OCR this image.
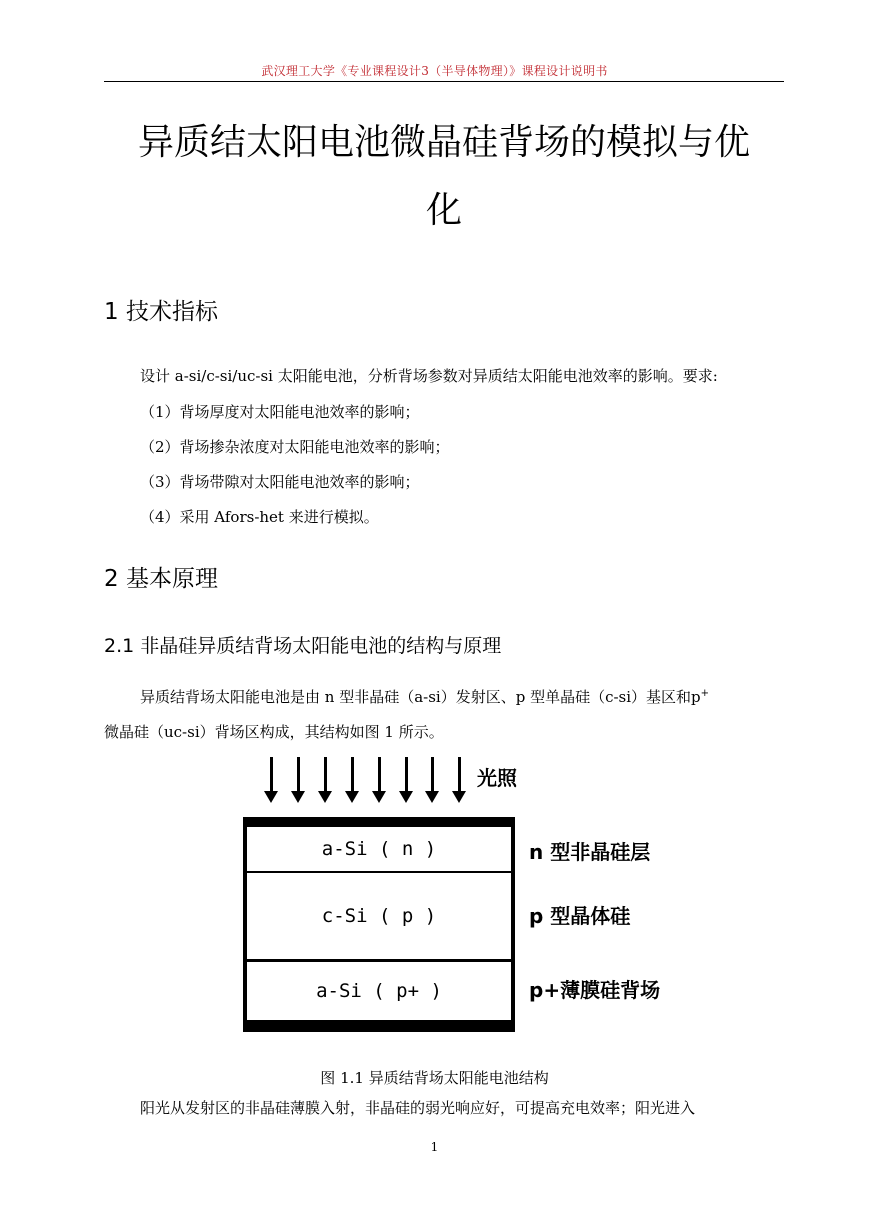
武汉理工大学《专业课程设计3（半导体物理）》课程设计说明书
异质结太阳电池微晶硅背场的模拟与优
化
1 技术指标
设计 a-si/c-si/uc-si 太阳能电池，分析背场参数对异质结太阳能电池效率的影响。要求:
（1）背场厚度对太阳能电池效率的影响；
（2）背场掺杂浓度对太阳能电池效率的影响；
（3）背场带隙对太阳能电池效率的影响；
（4）采用 Afors-het 来进行模拟。
2 基本原理
2.1 非晶硅异质结背场太阳能电池的结构与原理
异质结背场太阳能电池是由 n 型非晶硅（a-si）发射区、p 型单晶硅（c-si）基区和p+
微晶硅（uc-si）背场区构成，其结构如图 1 所示。
光照
a-Si ( n )
c-Si ( p )
a-Si ( p+ )
n 型非晶硅层
p 型晶体硅
p+薄膜硅背场
图 1.1 异质结背场太阳能电池结构
阳光从发射区的非晶硅薄膜入射，非晶硅的弱光响应好，可提高充电效率；阳光进入
1
